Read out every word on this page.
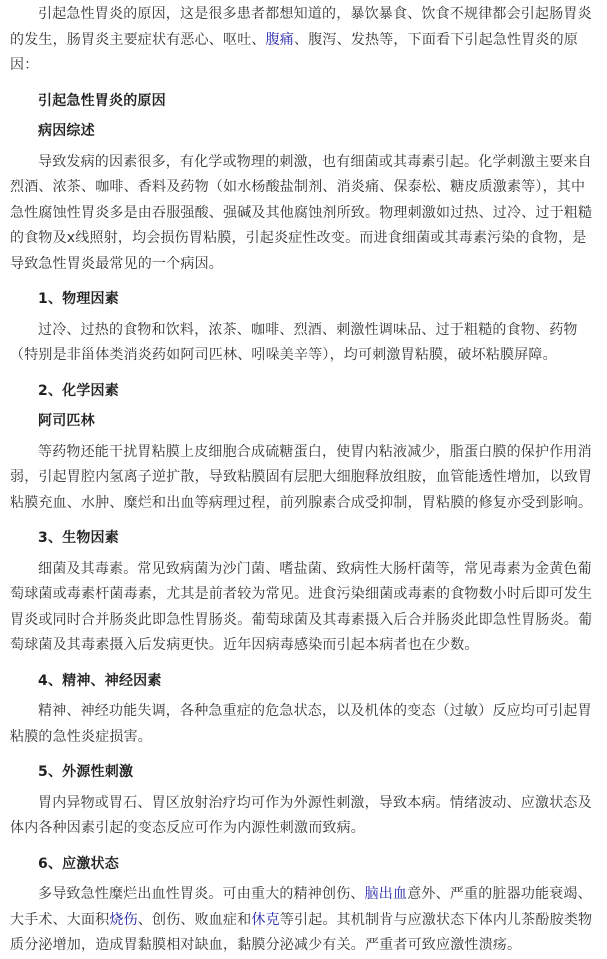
引起急性胃炎的原因，这是很多患者都想知道的，暴饮暴食、饮食不规律都会引起肠胃炎的发生，肠胃炎主要症状有恶心、呕吐、腹痛、腹泻、发热等，下面看下引起急性胃炎的原因：

引起急性胃炎的原因

病因综述

导致发病的因素很多，有化学或物理的刺激，也有细菌或其毒素引起。化学刺激主要来自烈酒、浓茶、咖啡、香料及药物（如水杨酸盐制剂、消炎痛、保泰松、糖皮质激素等），其中急性腐蚀性胃炎多是由吞服强酸、强碱及其他腐蚀剂所致。物理刺激如过热、过冷、过于粗糙的食物及x线照射，均会损伤胃粘膜，引起炎症性改变。而进食细菌或其毒素污染的食物，是导致急性胃炎最常见的一个病因。

1、物理因素

过冷、过热的食物和饮料，浓茶、咖啡、烈酒、刺激性调味品、过于粗糙的食物、药物（特别是非甾体类消炎药如阿司匹林、吲哚美辛等），均可刺激胃粘膜，破坏粘膜屏障。

2、化学因素

阿司匹林

等药物还能干扰胃粘膜上皮细胞合成硫糖蛋白，使胃内粘液减少，脂蛋白膜的保护作用消弱，引起胃腔内氢离子逆扩散，导致粘膜固有层肥大细胞释放组胺，血管能透性增加，以致胃粘膜充血、水肿、糜烂和出血等病理过程，前列腺素合成受抑制，胃粘膜的修复亦受到影响。

3、生物因素

细菌及其毒素。常见致病菌为沙门菌、嗜盐菌、致病性大肠杆菌等，常见毒素为金黄色葡萄球菌或毒素杆菌毒素，尤其是前者较为常见。进食污染细菌或毒素的食物数小时后即可发生胃炎或同时合并肠炎此即急性胃肠炎。葡萄球菌及其毒素摄入后合并肠炎此即急性胃肠炎。葡萄球菌及其毒素摄入后发病更快。近年因病毒感染而引起本病者也在少数。

4、精神、神经因素

精神、神经功能失调，各种急重症的危急状态，以及机体的变态（过敏）反应均可引起胃粘膜的急性炎症损害。

5、外源性刺激

胃内异物或胃石、胃区放射治疗均可作为外源性刺激，导致本病。情绪波动、应激状态及体内各种因素引起的变态反应可作为内源性刺激而致病。

6、应激状态

多导致急性糜烂出血性胃炎。可由重大的精神创伤、脑出血意外、严重的脏器功能衰竭、大手术、大面积烧伤、创伤、败血症和休克等引起。其机制肯与应激状态下体内儿茶酚胺类物质分泌增加，造成胃黏膜相对缺血，黏膜分泌减少有关。严重者可致应激性溃疡。
